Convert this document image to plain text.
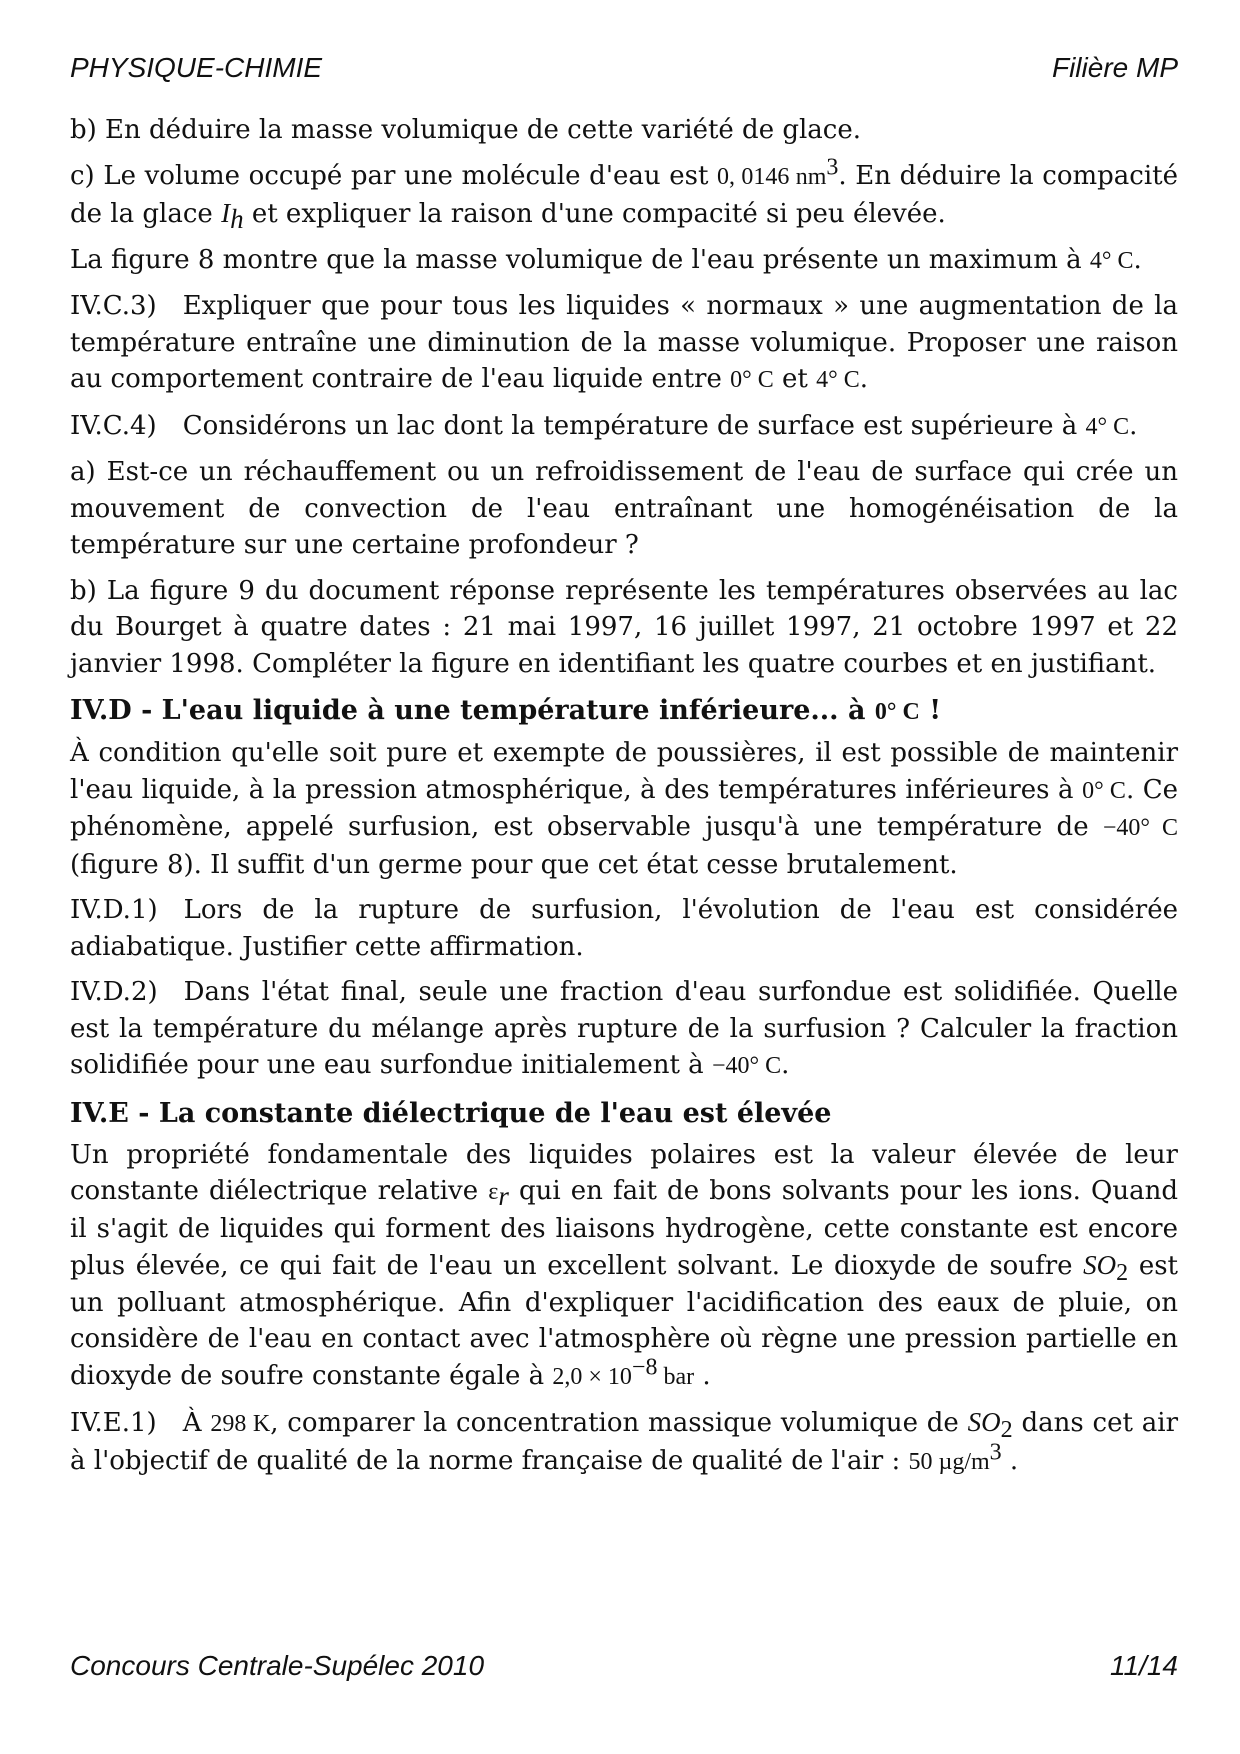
PHYSIQUE-CHIMIE	Filière MP

b) En déduire la masse volumique de cette variété de glace.

c) Le volume occupé par une molécule d'eau est 0, 0146 $nm^3$. En déduire la compacité de la glace $I_h$ et expliquer la raison d'une compacité si peu élevée.

La figure 8 montre que la masse volumique de l'eau présente un maximum à 4° C.

IV.C.3) Expliquer que pour tous les liquides « normaux » une augmentation de la température entraîne une diminution de la masse volumique. Proposer une raison au comportement contraire de l'eau liquide entre 0° C et 4° C.

IV.C.4) Considérons un lac dont la température de surface est supérieure à 4° C.

a) Est-ce un réchauffement ou un refroidissement de l'eau de surface qui crée un mouvement de convection de l'eau entraînant une homogénéisation de la température sur une certaine profondeur ?

b) La figure 9 du document réponse représente les températures observées au lac du Bourget à quatre dates : 21 mai 1997, 16 juillet 1997, 21 octobre 1997 et 22 janvier 1998. Compléter la figure en identifiant les quatre courbes et en justifiant.

IV.D - L'eau liquide à une température inférieure... à 0° C !

À condition qu'elle soit pure et exempte de poussières, il est possible de maintenir l'eau liquide, à la pression atmosphérique, à des températures inférieures à 0° C. Ce phénomène, appelé surfusion, est observable jusqu'à une température de −40° C (figure 8). Il suffit d'un germe pour que cet état cesse brutalement.

IV.D.1) Lors de la rupture de surfusion, l'évolution de l'eau est considérée adiabatique. Justifier cette affirmation.

IV.D.2) Dans l'état final, seule une fraction d'eau surfondue est solidifiée. Quelle est la température du mélange après rupture de la surfusion ? Calculer la fraction solidifiée pour une eau surfondue initialement à −40° C.

IV.E - La constante diélectrique de l'eau est élevée

Un propriété fondamentale des liquides polaires est la valeur élevée de leur constante diélectrique relative $\varepsilon_r$ qui en fait de bons solvants pour les ions. Quand il s'agit de liquides qui forment des liaisons hydrogène, cette constante est encore plus élevée, ce qui fait de l'eau un excellent solvant. Le dioxyde de soufre $SO_2$ est un polluant atmosphérique. Afin d'expliquer l'acidification des eaux de pluie, on considère de l'eau en contact avec l'atmosphère où règne une pression partielle en dioxyde de soufre constante égale à $2,0 \times 10^{-8}$ bar .

IV.E.1) À 298 K, comparer la concentration massique volumique de $SO_2$ dans cet air à l'objectif de qualité de la norme française de qualité de l'air : 50 $\mu g/m^3$ .

Concours Centrale-Supélec 2010	11/14
